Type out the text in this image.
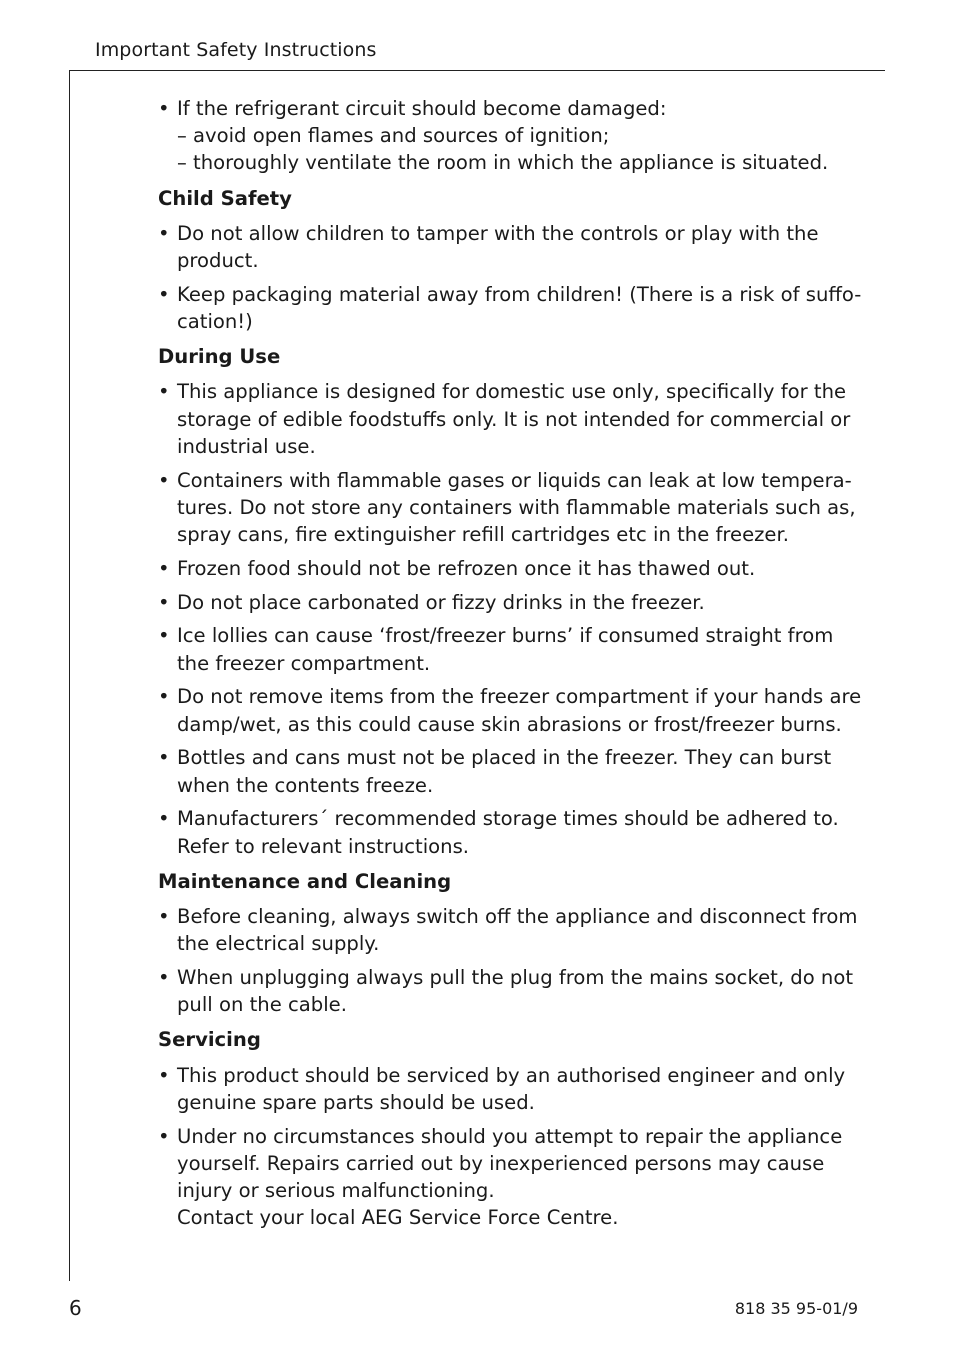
Important Safety Instructions
• If the refrigerant circuit should become damaged:
– avoid open flames and sources of ignition;
– thoroughly ventilate the room in which the appliance is situated.
Child Safety
• Do not allow children to tamper with the controls or play with the
product.
• Keep packaging material away from children! (There is a risk of suffo-
cation!)
During Use
• This appliance is designed for domestic use only, specifically for the
storage of edible foodstuffs only. It is not intended for commercial or
industrial use.
• Containers with flammable gases or liquids can leak at low tempera-
tures. Do not store any containers with flammable materials such as,
spray cans, fire extinguisher refill cartridges etc in the freezer.
• Frozen food should not be refrozen once it has thawed out.
• Do not place carbonated or fizzy drinks in the freezer.
• Ice lollies can cause ‘frost/freezer burns’ if consumed straight from
the freezer compartment.
• Do not remove items from the freezer compartment if your hands are
damp/wet, as this could cause skin abrasions or frost/freezer burns.
• Bottles and cans must not be placed in the freezer. They can burst
when the contents freeze.
• Manufacturers´ recommended storage times should be adhered to.
Refer to relevant instructions.
Maintenance and Cleaning
• Before cleaning, always switch off the appliance and disconnect from
the electrical supply.
• When unplugging always pull the plug from the mains socket, do not
pull on the cable.
Servicing
• This product should be serviced by an authorised engineer and only
genuine spare parts should be used.
• Under no circumstances should you attempt to repair the appliance
yourself. Repairs carried out by inexperienced persons may cause
injury or serious malfunctioning.
Contact your local AEG Service Force Centre.
6	818 35 95-01/9
